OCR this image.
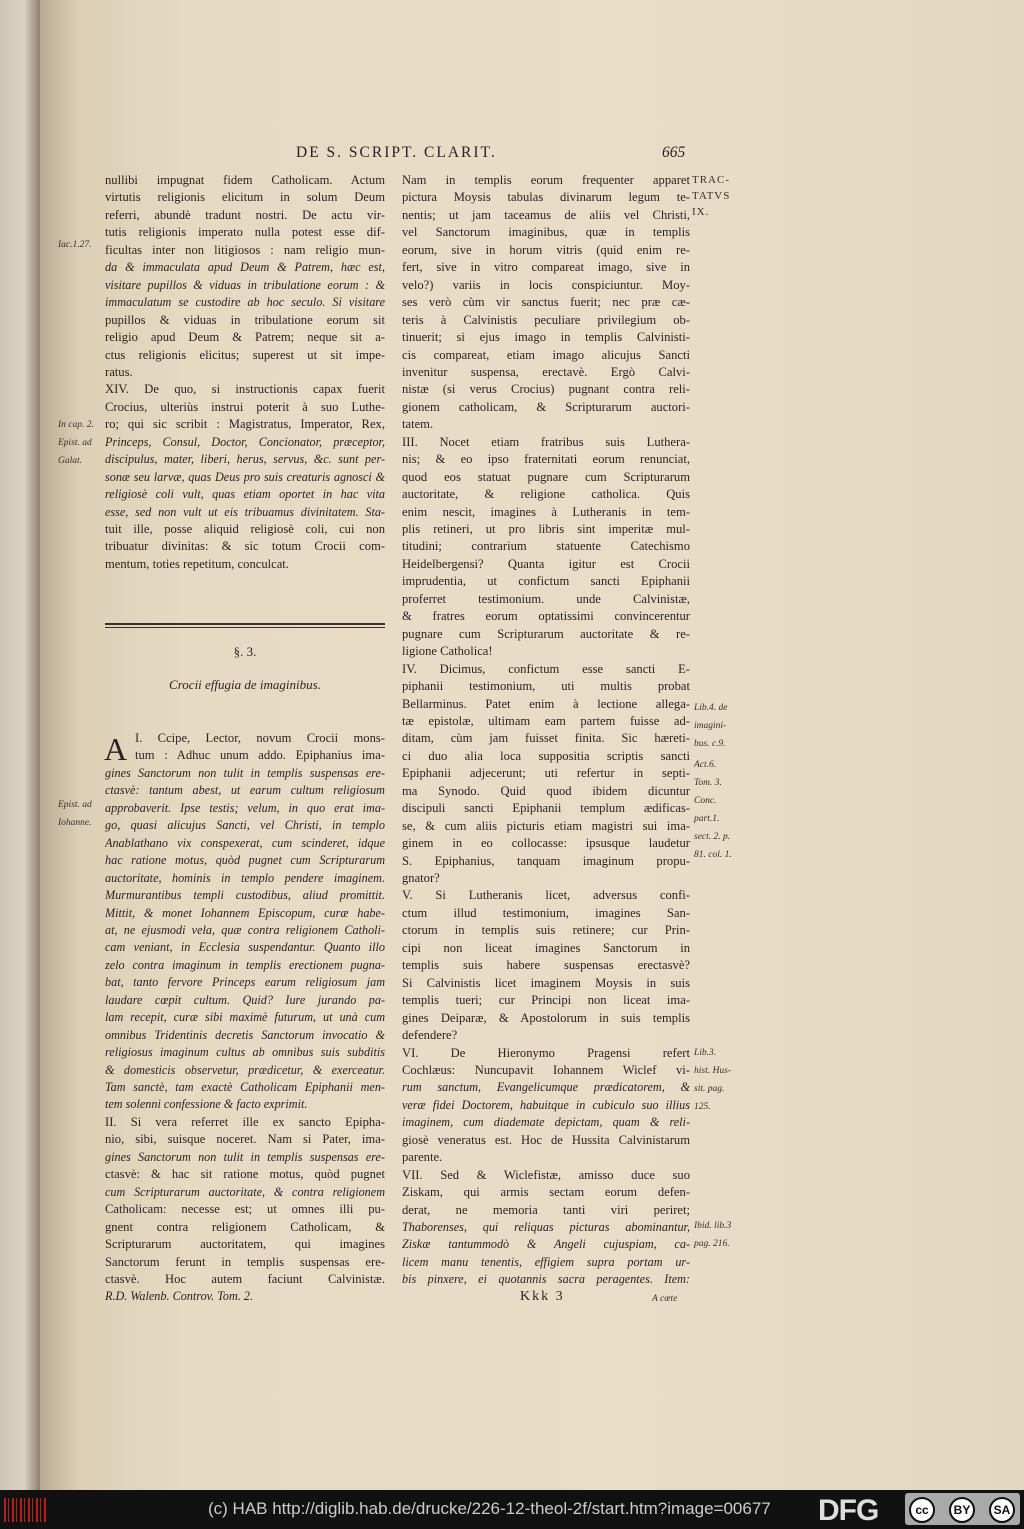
DE S. SCRIPT. CLARIT.	665
nullibi impugnat fidem Catholicam. Actum
virtutis religionis elicitum in solum Deum
referri, abundè tradunt nostri. De actu vir-
tutis religionis imperato nulla potest esse dif-
ficultas inter non litigiosos : nam religio mun-
da & immaculata apud Deum & Patrem, hæc est,
visitare pupillos & viduas in tribulatione eorum : &
immaculatum se custodire ab hoc seculo. Si visitare
pupillos & viduas in tribulatione eorum sit
religio apud Deum & Patrem; neque sit a-
ctus religionis elicitus; superest ut sit impe-
ratus.
XIV. De quo, si instructionis capax fuerit
Crocius, ulteriùs instrui poterit à suo Luthe-
ro; qui sic scribit : Magistratus, Imperator, Rex,
Princeps, Consul, Doctor, Concionator, præceptor,
discipulus, mater, liberi, herus, servus, &c. sunt per-
sonæ seu larvæ, quas Deus pro suis creaturis agnosci &
religiosè coli vult, quas etiam oportet in hac vita
esse, sed non vult ut eis tribuamus divinitatem. Sta-
tuit ille, posse aliquid religiosè coli, cui non
tribuatur divinitas: & sic totum Crocii com-
mentum, toties repetitum, conculcat.
§. 3.
Crocii effugia de imaginibus.
A I. Ccipe, Lector, novum Crocii mons-
tum : Adhuc unum addo. Epiphanius ima-
gines Sanctorum non tulit in templis suspensas ere-
ctasvè: tantum abest, ut earum cultum religiosum
approbaverit. Ipse testis; velum, in quo erat ima-
go, quasi alicujus Sancti, vel Christi, in templo
Anablathano vix conspexerat, cum scinderet, idque
hac ratione motus, quòd pugnet cum Scripturarum
auctoritate, hominis in templo pendere imaginem.
Murmurantibus templi custodibus, aliud promittit.
Mittit, & monet Iohannem Episcopum, curæ habe-
at, ne ejusmodi vela, quæ contra religionem Catholi-
cam veniant, in Ecclesia suspendantur. Quanto illo
zelo contra imaginum in templis erectionem pugna-
bat, tanto fervore Princeps earum religiosum jam
laudare cœpit cultum. Quid? Iure jurando pa-
lam recepit, curæ sibi maximè futurum, ut unà cum
omnibus Tridentinis decretis Sanctorum invocatio &
religiosus imaginum cultus ab omnibus suis subditis
& domesticis observetur, prædicetur, & exerceatur.
Tam sanctè, tam exactè Catholicam Epiphanii men-
tem solenni confessione & facto exprimit.
II. Si vera referret ille ex sancto Epipha-
nio, sibi, suisque noceret. Nam si Pater, ima-
gines Sanctorum non tulit in templis suspensas ere-
ctasvè: & hac sit ratione motus, quòd pugnet
cum Scripturarum auctoritate, & contra religionem
Catholicam: necesse est; ut omnes illi pu-
gnent contra religionem Catholicam, &
Scripturarum auctoritatem, qui imagines
Sanctorum ferunt in templis suspensas ere-
ctasvè. Hoc autem faciunt Calvinistæ.
R.D. Walenb. Controv. Tom. 2.
Nam in templis eorum frequenter apparet
pictura Moysis tabulas divinarum legum te-
nentis; ut jam taceamus de aliis vel Christi,
vel Sanctorum imaginibus, quæ in templis
eorum, sive in horum vitris (quid enim re-
fert, sive in vitro compareat imago, sive in
velo?) variis in locis conspiciuntur. Moy-
ses verò cùm vir sanctus fuerit; nec præ cæ-
teris à Calvinistis peculiare privilegium ob-
tinuerit; si ejus imago in templis Calvinisti-
cis compareat, etiam imago alicujus Sancti
invenitur suspensa, erectavè. Ergò Calvi-
nistæ (si verus Crocius) pugnant contra reli-
gionem catholicam, & Scripturarum auctori-
tatem.
III. Nocet etiam fratribus suis Luthera-
nis; & eo ipso fraternitati eorum renunciat,
quod eos statuat pugnare cum Scripturarum
auctoritate, & religione catholica. Quis
enim nescit, imagines à Lutheranis in tem-
plis retineri, ut pro libris sint imperitæ mul-
titudini; contrarium statuente Catechismo
Heidelbergensi? Quanta igitur est Crocii
imprudentia, ut confictum sancti Epiphanii
proferret testimonium. unde Calvinistæ,
& fratres eorum optatissimi convincerentur
pugnare cum Scripturarum auctoritate & re-
ligione Catholica!
IV. Dicimus, confictum esse sancti E-
piphanii testimonium, uti multis probat
Bellarminus. Patet enim à lectione allega-
tæ epistolæ, ultimam eam partem fuisse ad-
ditam, cùm jam fuisset finita. Sic hæreti-
ci duo alia loca suppositia scriptis sancti
Epiphanii adjecerunt; uti refertur in septi-
ma Synodo. Quid quod ibidem dicuntur
discipuli sancti Epiphanii templum ædificas-
se, & cum aliis picturis etiam magistri sui ima-
ginem in eo collocasse: ipsusque laudetur
S. Epiphanius, tanquam imaginum propu-
gnator?
V. Si Lutheranis licet, adversus confi-
ctum illud testimonium, imagines San-
ctorum in templis suis retinere; cur Prin-
cipi non liceat imagines Sanctorum in
templis suis habere suspensas erectasvè?
Si Calvinistis licet imaginem Moysis in suis
templis tueri; cur Principi non liceat ima-
gines Deiparæ, & Apostolorum in suis templis
defendere?
VI. De Hieronymo Pragensi refert
Cochlæus: Nuncupavit Iohannem Wiclef vi-
rum sanctum, Evangelicumque prædicatorem, &
veræ fidei Doctorem, habuitque in cubiculo suo illius
imaginem, cum diademate depictam, quam & reli-
giosè veneratus est. Hoc de Hussita Calvinistarum
parente.
VII. Sed & Wiclefistæ, amisso duce suo
Ziskam, qui armis sectam eorum defen-
derat, ne memoria tanti viri periret;
Thaborenses, qui reliquas picturas abominantur,
Ziskæ tantummodò & Angeli cujuspiam, ca-
licem manu tenentis, effigiem supra portam ur-
bis pinxere, ei quotannis sacra peragentes. Item:
Kkk 3	A cœte
Iac.1.27.
In cap. 2.
Epist. ad
Galat.
Epist. ad
Iohanne.
TRAC-
TATVS
IX.
Lib.4. de
imagini-
bus. c.9.
Act.6.
Tom. 3.
Conc.
part.1.
sect. 2. p.
81. col. 1.
Lib.3.
hist. Hus-
sit. pag.
125.
Ibid. lib.3
pag. 216.
(c) HAB http://diglib.hab.de/drucke/226-12-theol-2f/start.htm?image=00677 DFG	cc	BY	SA
